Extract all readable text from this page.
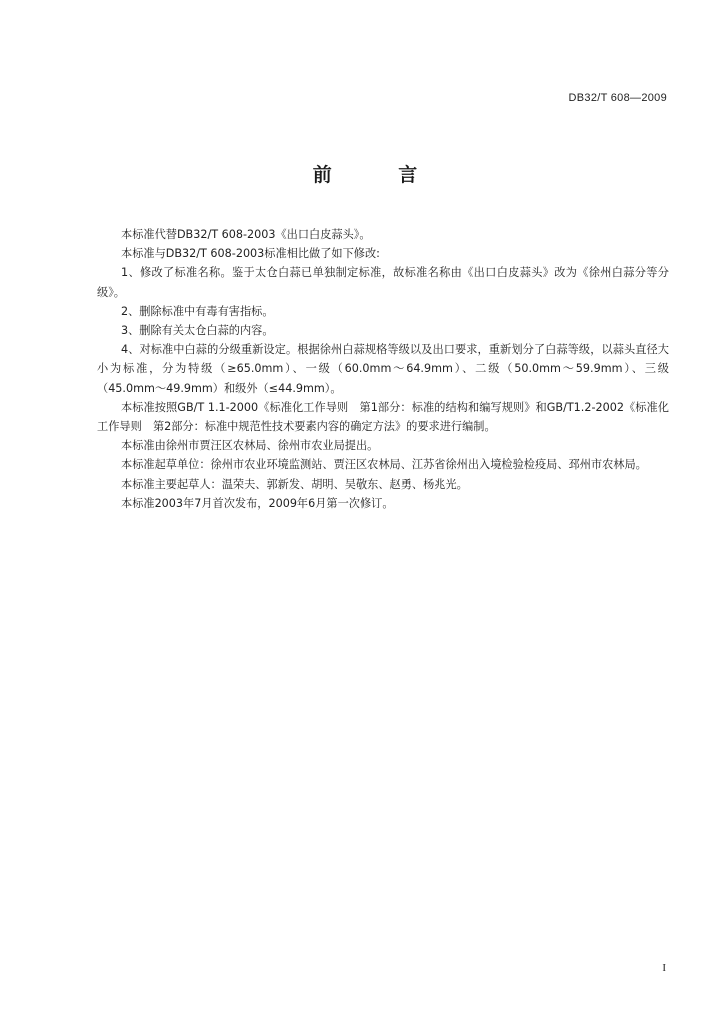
DB32/T 608—2009
前 言

本标准代替DB32/T 608-2003《出口白皮蒜头》。

本标准与DB32/T 608-2003标准相比做了如下修改:

1、修改了标准名称。鉴于太仓白蒜已单独制定标准，故标准名称由《出口白皮蒜头》改为《徐州白蒜分等分级》。

2、删除标准中有毒有害指标。

3、删除有关太仓白蒜的内容。

4、对标准中白蒜的分级重新设定。根据徐州白蒜规格等级以及出口要求，重新划分了白蒜等级，以蒜头直径大小为标准，分为特级（≥65.0mm）、一级（60.0mm～64.9mm）、二级（50.0mm～59.9mm）、三级（45.0mm～49.9mm）和级外（≤44.9mm）。

本标准按照GB/T 1.1-2000《标准化工作导则　第1部分：标准的结构和编写规则》和GB/T1.2-2002《标准化工作导则　第2部分：标准中规范性技术要素内容的确定方法》的要求进行编制。

本标准由徐州市贾汪区农林局、徐州市农业局提出。

本标准起草单位：徐州市农业环境监测站、贾汪区农林局、江苏省徐州出入境检验检疫局、邳州市农林局。

本标准主要起草人：温荣夫、郭新发、胡明、吴敬东、赵勇、杨兆光。

本标准2003年7月首次发布，2009年6月第一次修订。

I
